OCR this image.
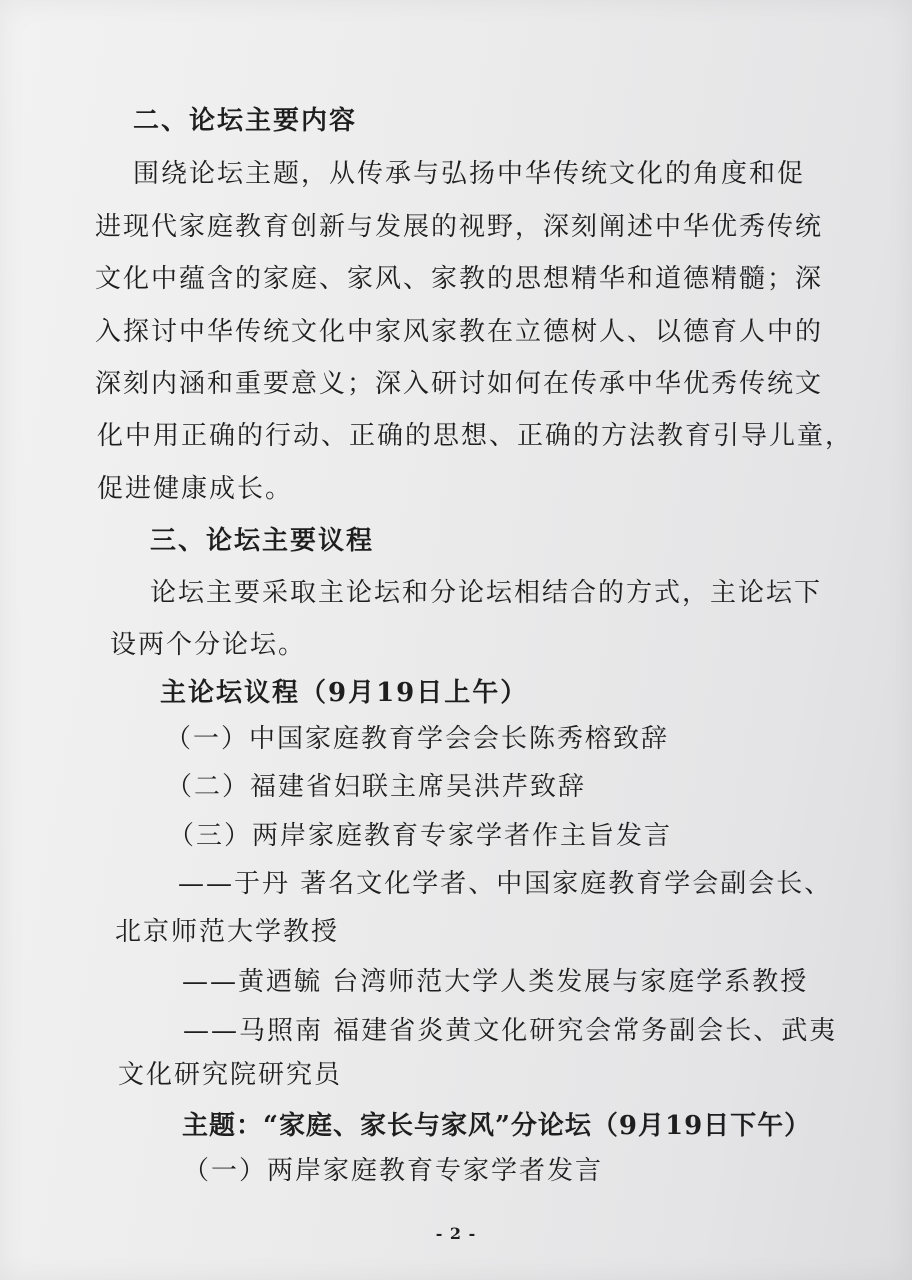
二、论坛主要内容
围绕论坛主题，从传承与弘扬中华传统文化的角度和促
进现代家庭教育创新与发展的视野，深刻阐述中华优秀传统
文化中蕴含的家庭、家风、家教的思想精华和道德精髓；深
入探讨中华传统文化中家风家教在立德树人、以德育人中的
深刻内涵和重要意义；深入研讨如何在传承中华优秀传统文
化中用正确的行动、正确的思想、正确的方法教育引导儿童，
促进健康成长。
三、论坛主要议程
论坛主要采取主论坛和分论坛相结合的方式，主论坛下
设两个分论坛。
主论坛议程（9月19日上午）
（一）中国家庭教育学会会长陈秀榕致辞
（二）福建省妇联主席吴洪芹致辞
（三）两岸家庭教育专家学者作主旨发言
——于丹 著名文化学者、中国家庭教育学会副会长、
北京师范大学教授
——黄迺毓 台湾师范大学人类发展与家庭学系教授
——马照南 福建省炎黄文化研究会常务副会长、武夷
文化研究院研究员
主题：“家庭、家长与家风”分论坛（9月19日下午）
（一）两岸家庭教育专家学者发言
- 2 -
